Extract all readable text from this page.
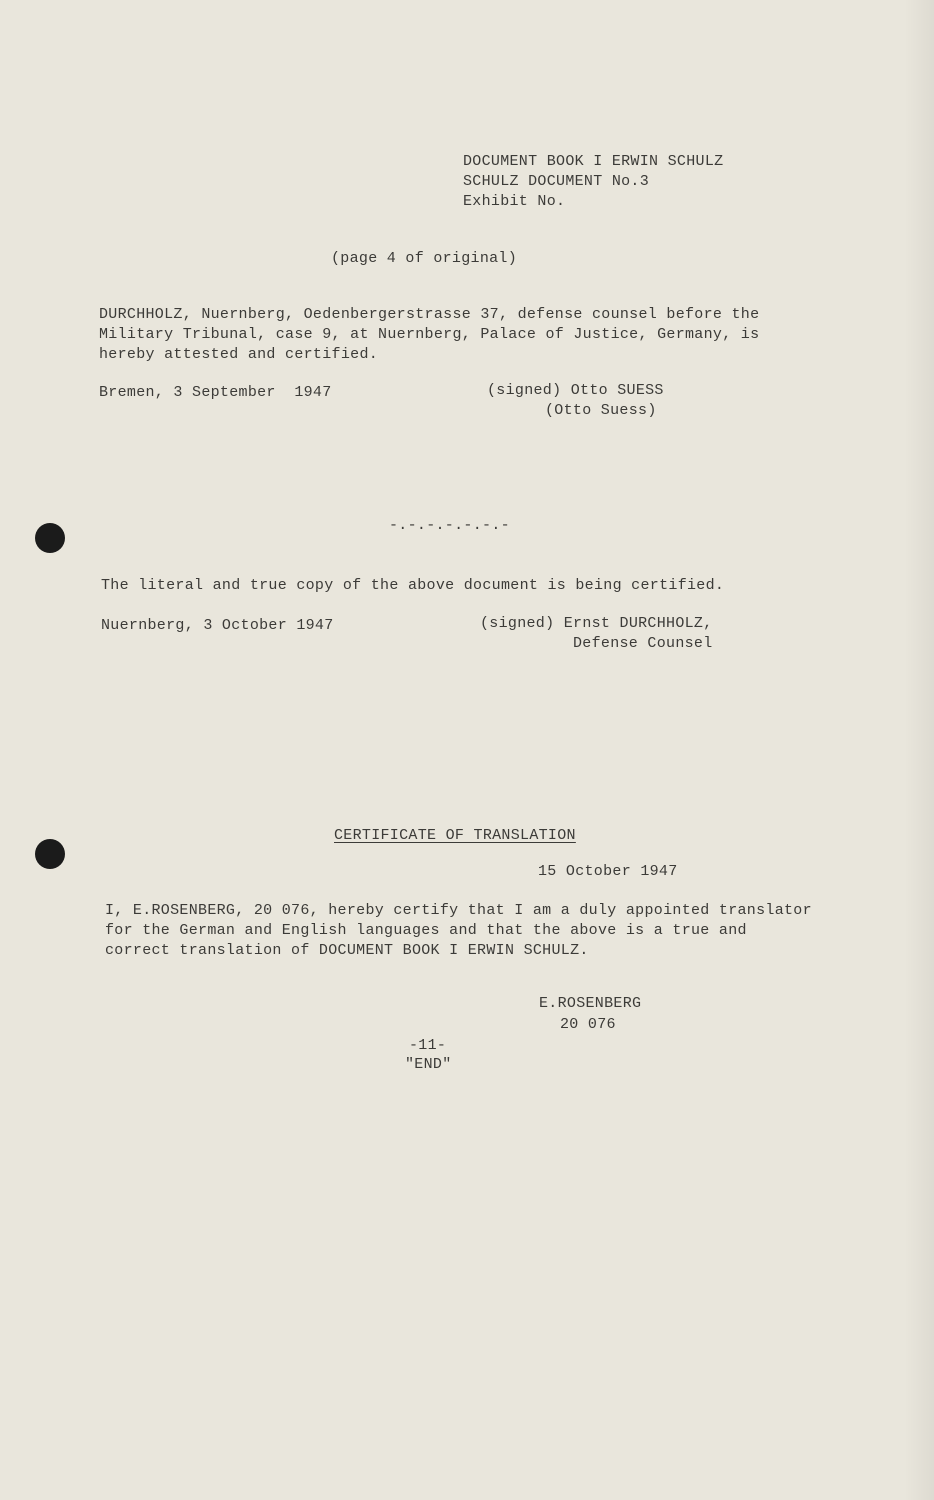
DOCUMENT BOOK I ERWIN SCHULZ
SCHULZ DOCUMENT No.3
Exhibit No.
(page 4 of original)
DURCHHOLZ, Nuernberg, Oedenbergerstrasse 37, defense counsel before the
Military Tribunal, case 9, at Nuernberg, Palace of Justice, Germany, is
hereby attested and certified.
Bremen, 3 September  1947	(signed) Otto SUESS
(Otto Suess)
-.-.-.-.-.-.-
The literal and true copy of the above document is being certified.
Nuernberg, 3 October 1947	(signed) Ernst DURCHHOLZ,
Defense Counsel
CERTIFICATE OF TRANSLATION
15 October 1947
I, E.ROSENBERG, 20 076, hereby certify that I am a duly appointed translator
for the German and English languages and that the above is a true and
correct translation of DOCUMENT BOOK I ERWIN SCHULZ.
E.ROSENBERG
20 076
-11-
"END"
